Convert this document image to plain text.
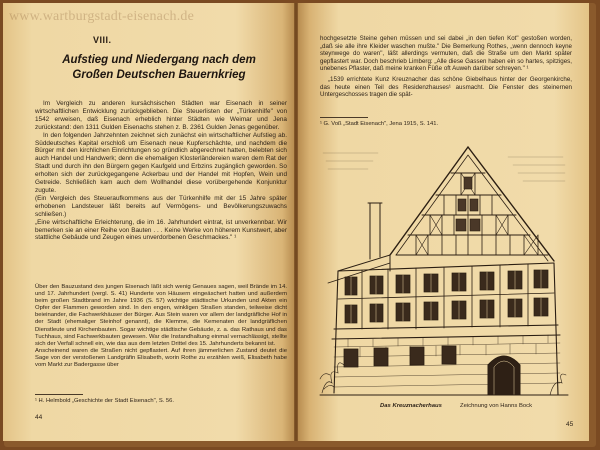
www.wartburgstadt-eisenach.de
VIII.
Aufstieg und Niedergang nach dem Großen Deutschen Bauernkrieg

Im Vergleich zu anderen kursächsischen Städten war Eisenach in seiner wirtschaftlichen Entwicklung zurückgeblieben. Die Steuerlisten der „Türkenhilfe" von 1542 erweisen, daß Eisenach erheblich hinter Städten wie Weimar und Jena zurückstand: den 1311 Gulden Eisenachs stehen z. B. 2361 Gulden Jenas gegenüber.

In den folgenden Jahrzehnten zeichnet sich zunächst ein wirtschaftlicher Aufstieg ab. Süddeutsches Kapital erschloß um Eisenach neue Kupferschächte, und nachdem die Bürger mit den kirchlichen Einrichtungen so gründlich abgerechnet hatten, belebten sich auch Handel und Handwerk; denn die ehemaligen Klosterländereien waren dem Rat der Stadt und durch ihn den Bürgern gegen Kaufgeld und Erbzins zugänglich geworden. So erholten sich der zurückgegangene Ackerbau und der Handel mit Hopfen, Wein und Getreide. Schließlich kam auch dem Wollhandel diese vorübergehende Konjunktur zugute.

(Ein Vergleich des Steueraufkommens aus der Türkenhilfe mit der 15 Jahre später erhobenen Landsteuer läßt bereits auf Vermögens- und Bevölkerungszuwachs schließen.)

„Eine wirtschaftliche Erleichterung, die im 16. Jahrhundert eintrat, ist unverkennbar. Wir bemerken sie an einer Reihe von Bauten . . . Keine Werke von höherem Kunstwert, aber stattliche Gebäude und Zeugen eines unverdorbenen Geschmackes." ¹

Über den Bauzustand des jungen Eisenach läßt sich wenig Genaues sagen, weil Brände im 14. und 17. Jahrhundert (vergl. S. 41) Hunderte von Häusern eingeäschert hatten und außerdem beim großen Stadtbrand im Jahre 1936 (S. 57) wichtige städtische Urkunden und Akten ein Opfer der Flammen geworden sind. In den engen, winkligen Straßen standen, teilweise dicht beieinander, die Fachwerkhäuser der Bürger. Aus Stein waren vor allem der landgräfliche Hof in der Stadt (ehemaliger Steinhof genannt), die Klemme, die Kemenaten der landgräflichen Dienstleute und Kirchenbauten. Sogar wichtige städtische Gebäude, z. a. das Rathaus und das Tuchhaus, sind Fachwerkbauten gewesen. War die Instandhaltung einmal vernachlässigt, stellte sich der Verfall schnell ein, wie das aus dem letzten Drittel des 15. Jahrhunderts bekannt ist.

Anscheinend waren die Straßen nicht gepflastert. Auf ihren jämmerlichen Zustand deutet die Sage von der verstoßenen Landgräfin Elisabeth, worin Rothe zu erzählen weiß, Elisabeth habe vom Markt zur Badergasse über

¹ H. Helmbold „Geschichte der Stadt Eisenach", S. 56.
44

hochgesetzte Steine gehen müssen und sei dabei „in den tiefen Kot" gestoßen worden, „daß sie alle ihre Kleider waschen mußte." Die Bemerkung Rothes, „wenn dennoch keyne steynwege do waren", läßt allerdings vermuten, daß die Straße um den Markt später gepflastert war. Doch beschrieb Limberg: „Alle diese Gassen haben ein so hartes, spitziges, unebenes Pflaster, daß meine kranken Füße oft Auweh darüber schreyen." ¹

„1539 errichtete Kunz Kreuznacher das schöne Giebelhaus hinter der Georgenkirche, das heute einen Teil des Residenzhauses¹ ausmacht. Die Fenster des steinernen Untergeschosses tragen die spät-

¹ G. Voß „Stadt Eisenach", Jena 1915, S. 141.
Das Kreuznacherhaus	Zeichnung von Hanns Bock
45
